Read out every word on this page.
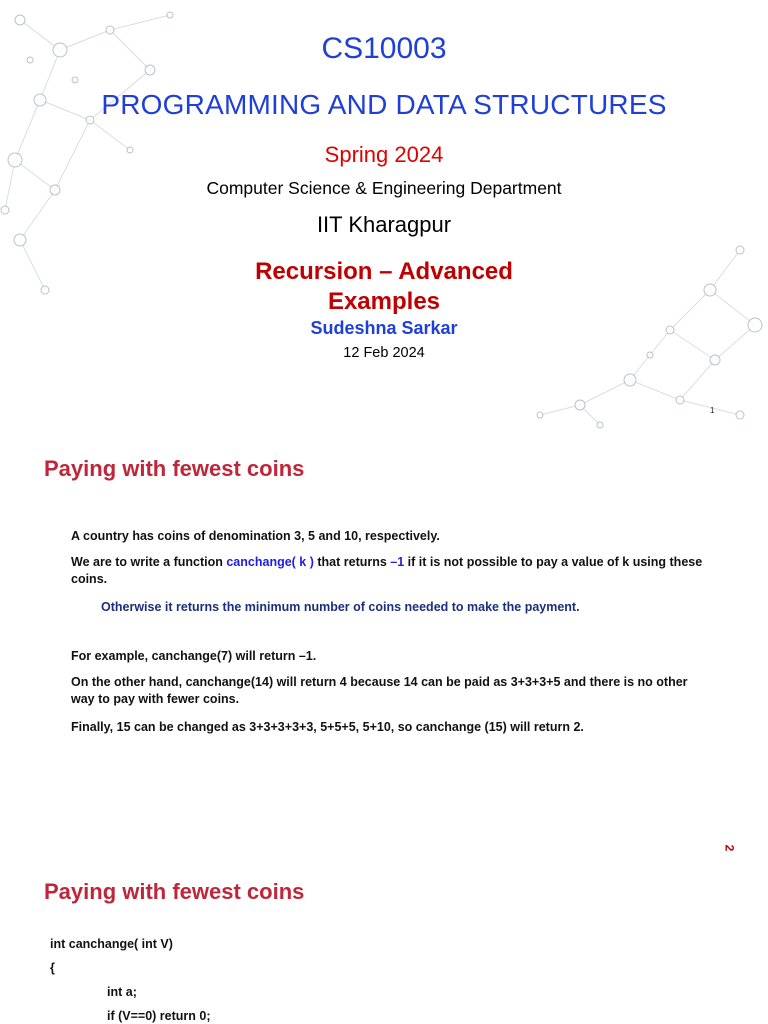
CS10003
PROGRAMMING AND DATA STRUCTURES
Spring 2024
Computer Science & Engineering Department
IIT Kharagpur
Recursion – Advanced
Examples
Sudeshna Sarkar
12 Feb 2024
1
Paying with fewest coins
A country has coins of denomination 3, 5 and 10, respectively.
We are to write a function canchange( k ) that returns –1 if it is not possible to pay a value of k using these coins.
Otherwise it returns the minimum number of coins needed to make the payment.
For example, canchange(7) will return –1.
On the other hand, canchange(14) will return 4 because 14 can be paid as 3+3+3+5 and there is no other way to pay with fewer coins.
Finally, 15 can be changed as 3+3+3+3+3, 5+5+5, 5+10, so canchange (15) will return 2.
2
Paying with fewest coins
int canchange( int V)
{
int a;
if (V==0) return 0;
